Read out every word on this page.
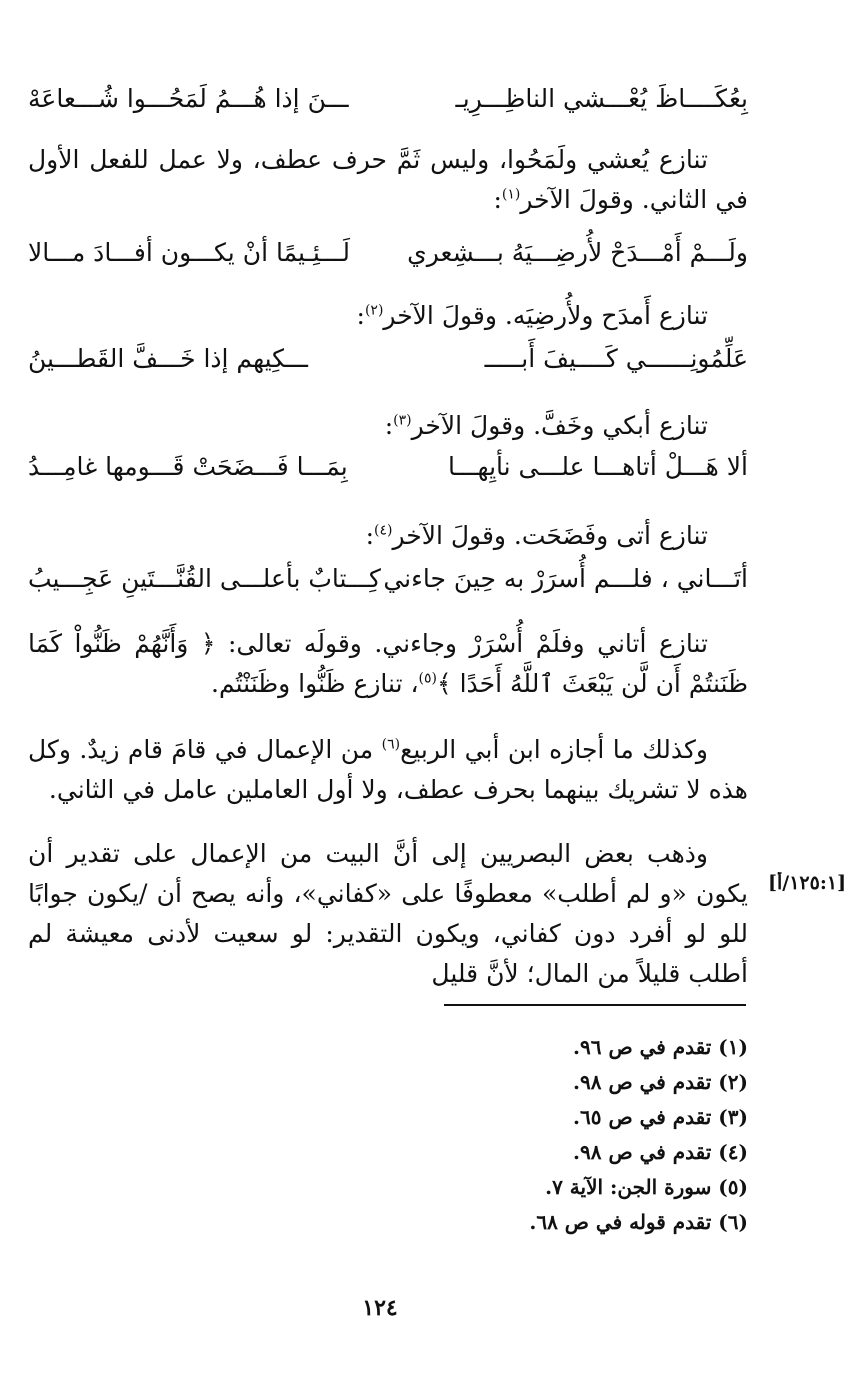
بِعُكَــــاظَ يُعْـــشي الناظِـــرِيـ
ـــنَ إذا هُـــمُ لَمَحُـــوا شُـــعاعَهْ
تنازع يُعشي ولَمَحُوا، وليس ثَمَّ حرف عطف، ولا عمل للفعل الأول في الثاني. وقولَ الآخر$^{(١)}$:
ولَـــمْ أَمْـــدَحْ لأُرضِـــيَهُ بـــشِعري
لَـــئِـيمًا أنْ يكـــون أفـــادَ مـــالا
تنازع أَمدَح ولأُرضِيَه. وقولَ الآخر$^{(٢)}$:
عَلِّمُونِــــــي كَــــيفَ أَبـــــ
ـــكِيهم إذا خَـــفَّ القَطـــينُ
تنازع أبكي وخَفَّ. وقولَ الآخر$^{(٣)}$:
ألا هَـــلْ أتاهـــا علـــى نأيِهـــا
بِمَـــا فَـــضَحَتْ قَـــومها غامِـــدُ
تنازع أتى وفَضَحَت. وقولَ الآخر$^{(٤)}$:
أتَـــاني ، فلـــم أُسرَرْ به حِينَ جاءني
كِـــتابٌ بأعلـــى القُنَّـــتَينِ عَجِـــيبُ
تنازع أتاني وفلَمْ أُسْرَرْ وجاءني. وقولَه تعالى: ﴿ وَأَنَّهُمْ ظَنُّواْ كَمَا ظَنَنتُمْ أَن لَّن يَبْعَثَ ٱللَّهُ أَحَدًا ﴾$^{(٥)}$، تنازع ظَنُّوا وظَنَنْتُم.
وكذلك ما أجازه ابن أبي الربيع$^{(٦)}$ من الإعمال في قامَ قام زيدٌ. وكل هذه لا تشريك بينهما بحرف عطف، ولا أول العاملين عامل في الثاني.
وذهب بعض البصريين إلى أنَّ البيت من الإعمال على تقدير أن يكون «و لم أطلب» معطوفًا على «كفاني»، وأنه يصح أن /يكون جوابًا للو لو أفرد دون كفاني، ويكون التقدير: لو سعيت لأدنى معيشة لم أطلب قليلاً من المال؛ لأنَّ قليل
[١٢٥:١/أ]
(١) تقدم في ص ٩٦.
(٢) تقدم في ص ٩٨.
(٣) تقدم في ص ٦٥.
(٤) تقدم في ص ٩٨.
(٥) سورة الجن: الآية ٧.
(٦) تقدم قوله في ص ٦٨.
١٢٤
